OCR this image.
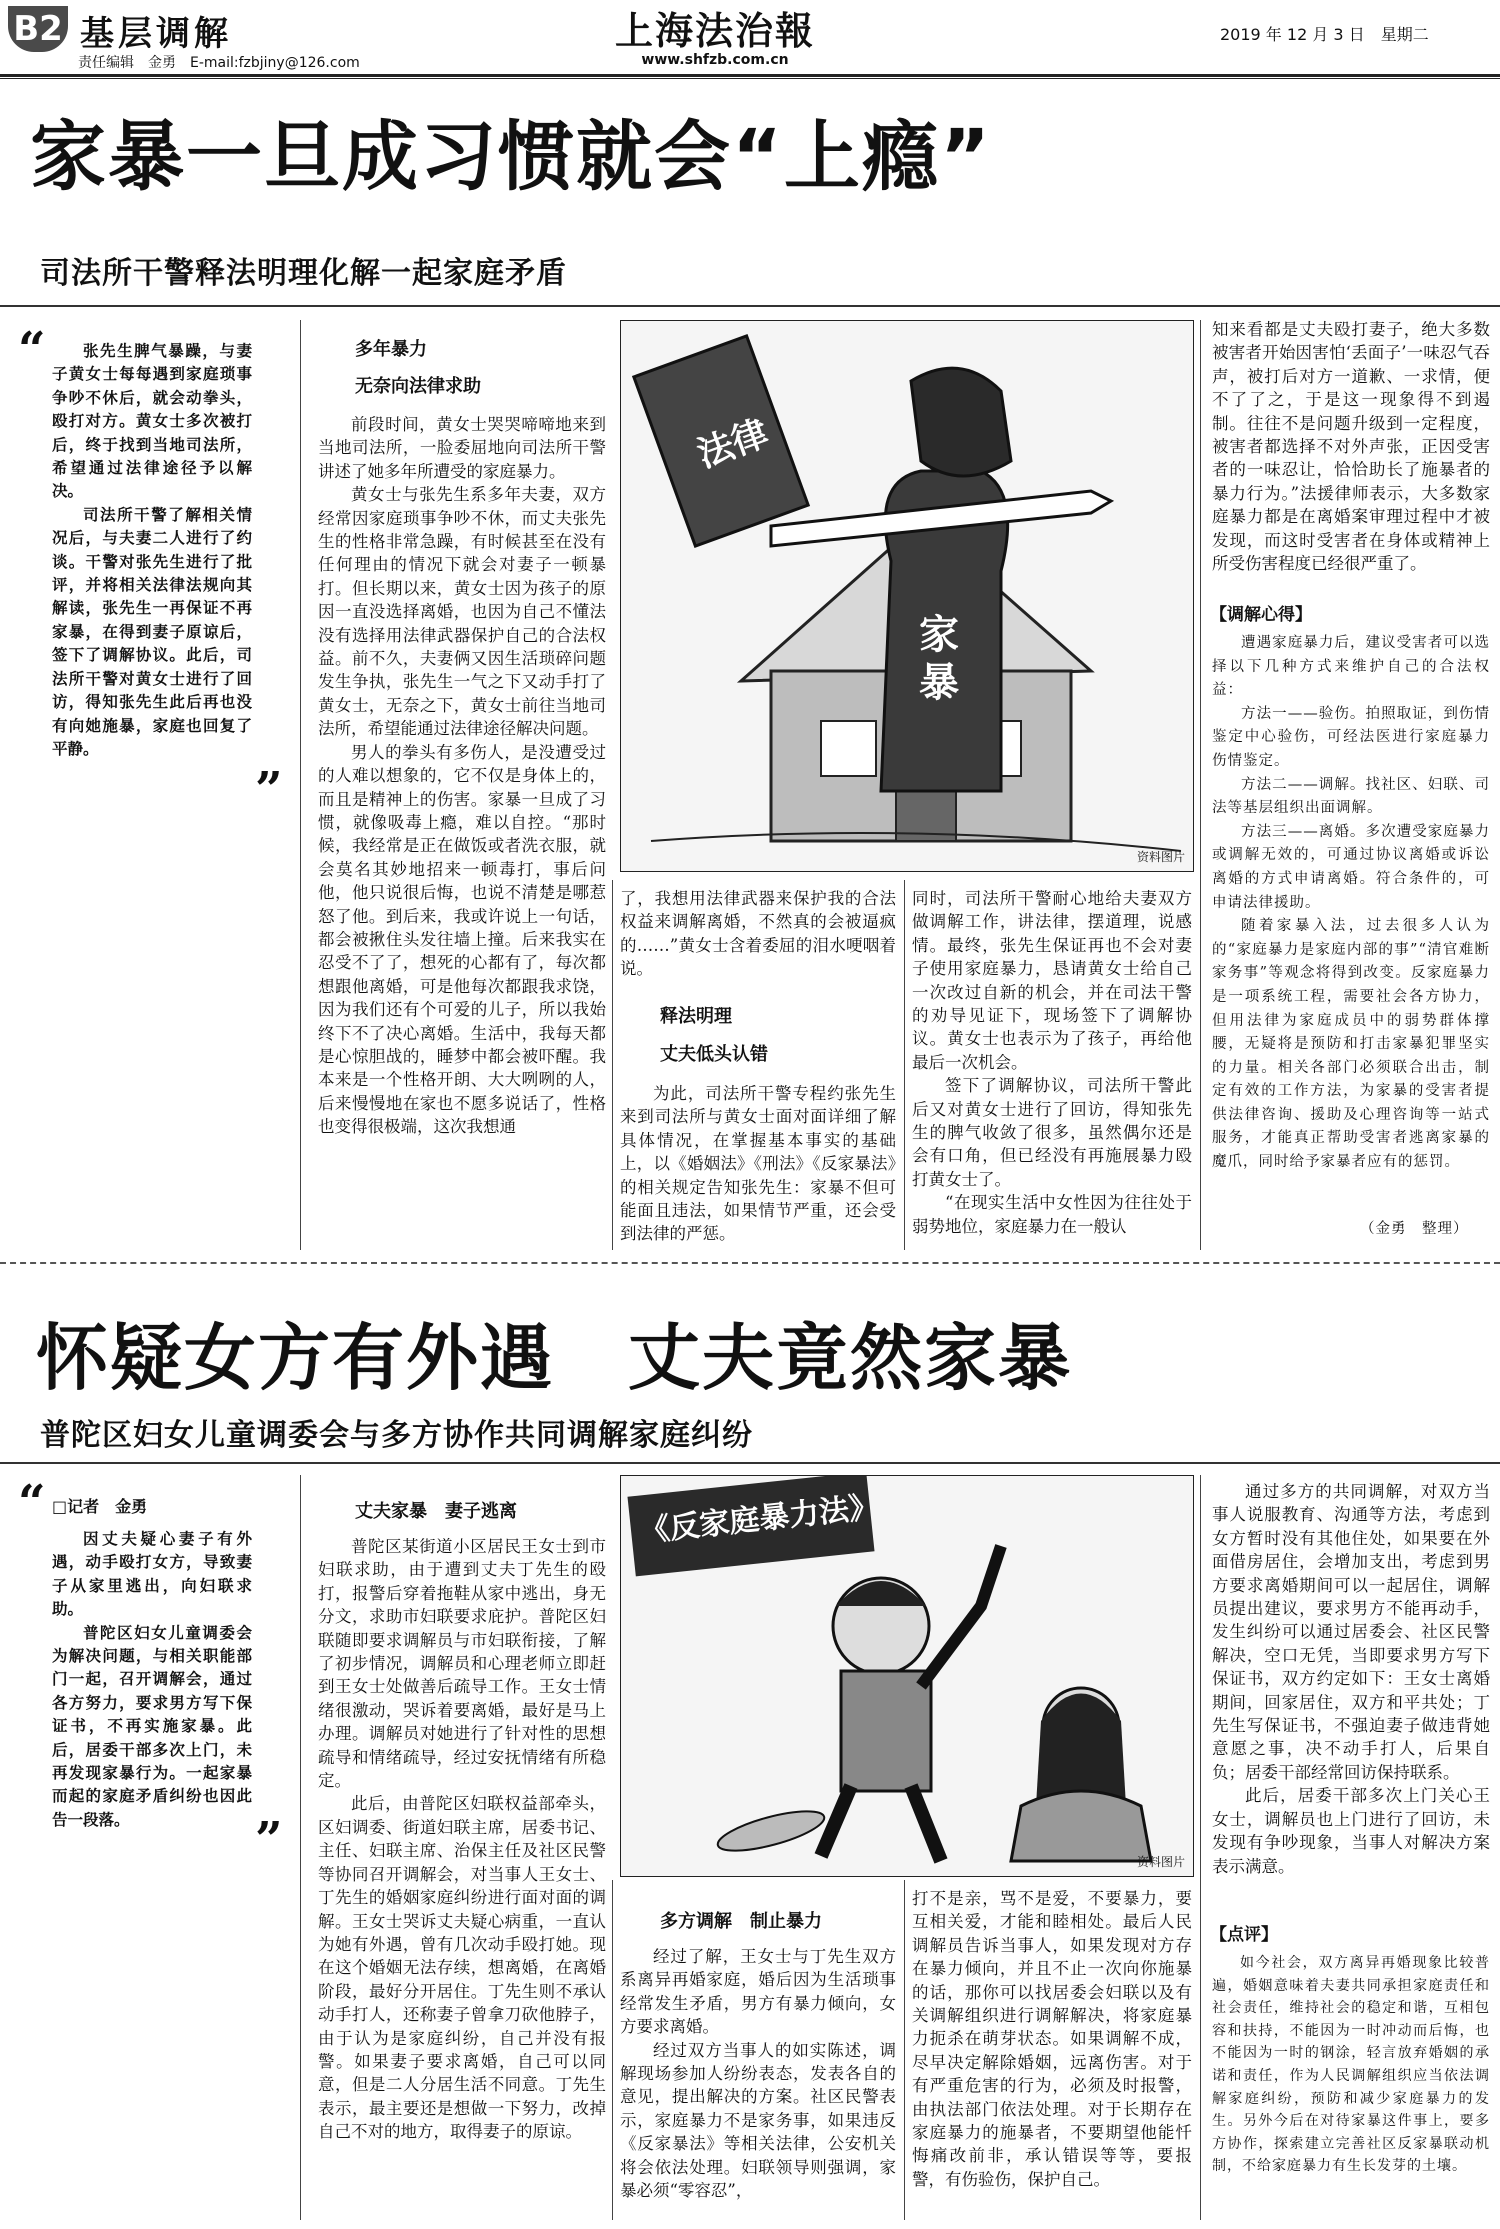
B2 基层调解
责任编辑　金勇　E-mail:fzbjiny@126.com
上海法治報
www.shfzb.com.cn
2019 年 12 月 3 日　星期二
家暴一旦成习惯就会“上瘾”
司法所干警释法明理化解一起家庭矛盾
“	张先生脾气暴躁，与妻子黄女士每每遇到家庭琐事争吵不休后，就会动拳头，殴打对方。黄女士多次被打后，终于找到当地司法所，希望通过法律途径予以解决。

司法所干警了解相关情况后，与夫妻二人进行了约谈。干警对张先生进行了批评，并将相关法律法规向其解读，张先生一再保证不再家暴，在得到妻子原谅后，签下了调解协议。此后，司法所干警对黄女士进行了回访，得知张先生此后再也没有向她施暴，家庭也回复了平静。

”
多年暴力
无奈向法律求助

前段时间，黄女士哭哭啼啼地来到当地司法所，一脸委屈地向司法所干警讲述了她多年所遭受的家庭暴力。

黄女士与张先生系多年夫妻，双方经常因家庭琐事争吵不休，而丈夫张先生的性格非常急躁，有时候甚至在没有任何理由的情况下就会对妻子一顿暴打。但长期以来，黄女士因为孩子的原因一直没选择离婚，也因为自己不懂法没有选择用法律武器保护自己的合法权益。前不久，夫妻俩又因生活琐碎问题发生争执，张先生一气之下又动手打了黄女士，无奈之下，黄女士前往当地司法所，希望能通过法律途径解决问题。

男人的拳头有多伤人，是没遭受过的人难以想象的，它不仅是身体上的，而且是精神上的伤害。家暴一旦成了习惯，就像吸毒上瘾，难以自控。“那时候，我经常是正在做饭或者洗衣服，就会莫名其妙地招来一顿毒打，事后问他，他只说很后悔，也说不清楚是哪惹怒了他。到后来，我或许说上一句话，都会被揪住头发往墙上撞。后来我实在忍受不了了，想死的心都有了，每次都想跟他离婚，可是他每次都跟我求饶，因为我们还有个可爱的儿子，所以我始终下不了决心离婚。生活中，我每天都是心惊胆战的，睡梦中都会被吓醒。我本来是一个性格开朗、大大咧咧的人，后来慢慢地在家也不愿多说话了，性格也变得很极端，这次我想通

法律
家暴
资料图片

了，我想用法律武器来保护我的合法权益来调解离婚，不然真的会被逼疯的……”黄女士含着委屈的泪水哽咽着说。

释法明理
丈夫低头认错

为此，司法所干警专程约张先生来到司法所与黄女士面对面详细了解具体情况，在掌握基本事实的基础上，以《婚姻法》《刑法》《反家暴法》的相关规定告知张先生：家暴不但可能面且违法，如果情节严重，还会受到法律的严惩。

同时，司法所干警耐心地给夫妻双方做调解工作，讲法律，摆道理，说感情。最终，张先生保证再也不会对妻子使用家庭暴力，恳请黄女士给自己一次改过自新的机会，并在司法干警的劝导见证下，现场签下了调解协议。黄女士也表示为了孩子，再给他最后一次机会。

签下了调解协议，司法所干警此后又对黄女士进行了回访，得知张先生的脾气收敛了很多，虽然偶尔还是会有口角，但已经没有再施展暴力殴打黄女士了。

“在现实生活中女性因为往往处于弱势地位，家庭暴力在一般认

知来看都是丈夫殴打妻子，绝大多数被害者开始因害怕‘丢面子’一味忍气吞声，被打后对方一道歉、一求情，便不了了之，于是这一现象得不到遏制。往往不是问题升级到一定程度，被害者都选择不对外声张，正因受害者的一味忍让，恰恰助长了施暴者的暴力行为。”法援律师表示，大多数家庭暴力都是在离婚案审理过程中才被发现，而这时受害者在身体或精神上所受伤害程度已经很严重了。

【调解心得】

遭遇家庭暴力后，建议受害者可以选择以下几种方式来维护自己的合法权益：

方法一——验伤。拍照取证，到伤情鉴定中心验伤，可经法医进行家庭暴力伤情鉴定。

方法二——调解。找社区、妇联、司法等基层组织出面调解。

方法三——离婚。多次遭受家庭暴力或调解无效的，可通过协议离婚或诉讼离婚的方式申请离婚。符合条件的，可申请法律援助。

随着家暴入法，过去很多人认为的“家庭暴力是家庭内部的事”“清官难断家务事”等观念将得到改变。反家庭暴力是一项系统工程，需要社会各方协力，但用法律为家庭成员中的弱势群体撑腰，无疑将是预防和打击家暴犯罪坚实的力量。相关各部门必须联合出击，制定有效的工作方法，为家暴的受害者提供法律咨询、援助及心理咨询等一站式服务，才能真正帮助受害者逃离家暴的魔爪，同时给予家暴者应有的惩罚。

（金勇　整理）
怀疑女方有外遇　丈夫竟然家暴
普陀区妇女儿童调委会与多方协作共同调解家庭纠纷
“ □记者　金勇

因丈夫疑心妻子有外遇，动手殴打女方，导致妻子从家里逃出，向妇联求助。

普陀区妇女儿童调委会为解决问题，与相关职能部门一起，召开调解会，通过各方努力，要求男方写下保证书，不再实施家暴。此后，居委干部多次上门，未再发现家暴行为。一起家暴而起的家庭矛盾纠纷也因此告一段落。	”
丈夫家暴　妻子逃离

普陀区某街道小区居民王女士到市妇联求助，由于遭到丈夫丁先生的殴打，报警后穿着拖鞋从家中逃出，身无分文，求助市妇联要求庇护。普陀区妇联随即要求调解员与市妇联衔接，了解了初步情况，调解员和心理老师立即赶到王女士处做善后疏导工作。王女士情绪很激动，哭诉着要离婚，最好是马上办理。调解员对她进行了针对性的思想疏导和情绪疏导，经过安抚情绪有所稳定。

此后，由普陀区妇联权益部牵头，区妇调委、街道妇联主席，居委书记、主任、妇联主席、治保主任及社区民警等协同召开调解会，对当事人王女士、丁先生的婚姻家庭纠纷进行面对面的调解。王女士哭诉丈夫疑心病重，一直认为她有外遇，曾有几次动手殴打她。现在这个婚姻无法存续，想离婚，在离婚阶段，最好分开居住。丁先生则不承认动手打人，还称妻子曾拿刀砍他脖子，由于认为是家庭纠纷，自己并没有报警。如果妻子要求离婚，自己可以同意，但是二人分居生活不同意。丁先生表示，最主要还是想做一下努力，改掉自己不对的地方，取得妻子的原谅。

《反家庭暴力法》
资料图片
多方调解　制止暴力

经过了解，王女士与丁先生双方系离异再婚家庭，婚后因为生活琐事经常发生矛盾，男方有暴力倾向，女方要求离婚。

经过双方当事人的如实陈述，调解现场参加人纷纷表态，发表各自的意见，提出解决的方案。社区民警表示，家庭暴力不是家务事，如果违反《反家暴法》等相关法律，公安机关将会依法处理。妇联领导则强调，家暴必须“零容忍”，

打不是亲，骂不是爱，不要暴力，要互相关爱，才能和睦相处。最后人民调解员告诉当事人，如果发现对方存在暴力倾向，并且不止一次向你施暴的话，那你可以找居委会妇联以及有关调解组织进行调解解决，将家庭暴力扼杀在萌芽状态。如果调解不成，尽早决定解除婚姻，远离伤害。对于有严重危害的行为，必须及时报警，由执法部门依法处理。对于长期存在家庭暴力的施暴者，不要期望他能忏悔痛改前非，承认错误等等，要报警，有伤验伤，保护自己。

通过多方的共同调解，对双方当事人说服教育、沟通等方法，考虑到女方暂时没有其他住处，如果要在外面借房居住，会增加支出，考虑到男方要求离婚期间可以一起居住，调解员提出建议，要求男方不能再动手，发生纠纷可以通过居委会、社区民警解决，空口无凭，当即要求男方写下保证书，双方约定如下：王女士离婚期间，回家居住，双方和平共处；丁先生写保证书，不强迫妻子做违背她意愿之事，决不动手打人，后果自负；居委干部经常回访保持联系。

此后，居委干部多次上门关心王女士，调解员也上门进行了回访，未发现有争吵现象，当事人对解决方案表示满意。

【点评】

如今社会，双方离异再婚现象比较普遍，婚姻意味着夫妻共同承担家庭责任和社会责任，维持社会的稳定和谐，互相包容和扶持，不能因为一时冲动而后悔，也不能因为一时的钢涂，轻言放弃婚姻的承诺和责任，作为人民调解组织应当依法调解家庭纠纷，预防和减少家庭暴力的发生。另外今后在对待家暴这件事上，要多方协作，探索建立完善社区反家暴联动机制，不给家庭暴力有生长发芽的土壤。
